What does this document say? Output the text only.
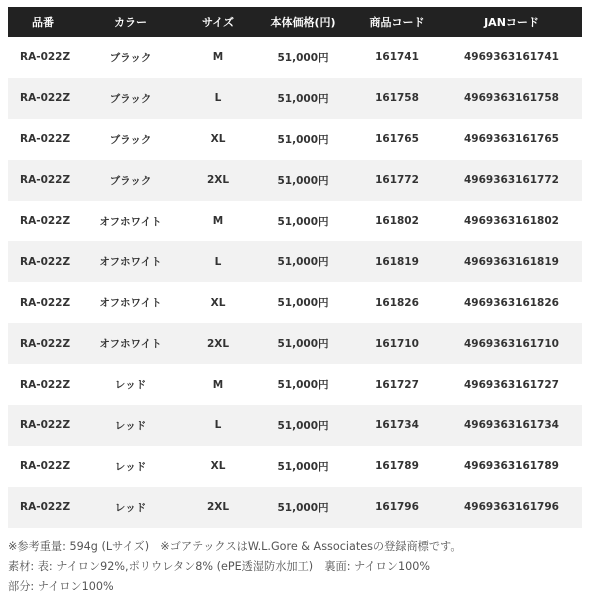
品番	カラー	サイズ	本体価格(円)	商品コード	JANコード
RA-022Z	ブラック	M	51,000円	161741	4969363161741
RA-022Z	ブラック	L	51,000円	161758	4969363161758
RA-022Z	ブラック	XL	51,000円	161765	4969363161765
RA-022Z	ブラック	2XL	51,000円	161772	4969363161772
RA-022Z	オフホワイト	M	51,000円	161802	4969363161802
RA-022Z	オフホワイト	L	51,000円	161819	4969363161819
RA-022Z	オフホワイト	XL	51,000円	161826	4969363161826
RA-022Z	オフホワイト	2XL	51,000円	161710	4969363161710
RA-022Z	レッド	M	51,000円	161727	4969363161727
RA-022Z	レッド	L	51,000円	161734	4969363161734
RA-022Z	レッド	XL	51,000円	161789	4969363161789
RA-022Z	レッド	2XL	51,000円	161796	4969363161796
※参考重量: 594g (Lサイズ)　※ゴアテックスはW.L.Gore & Associatesの登録商標です。
素材: 表: ナイロン92%,ポリウレタン8% (ePE透湿防水加工)　裏面: ナイロン100%
部分: ナイロン100%
